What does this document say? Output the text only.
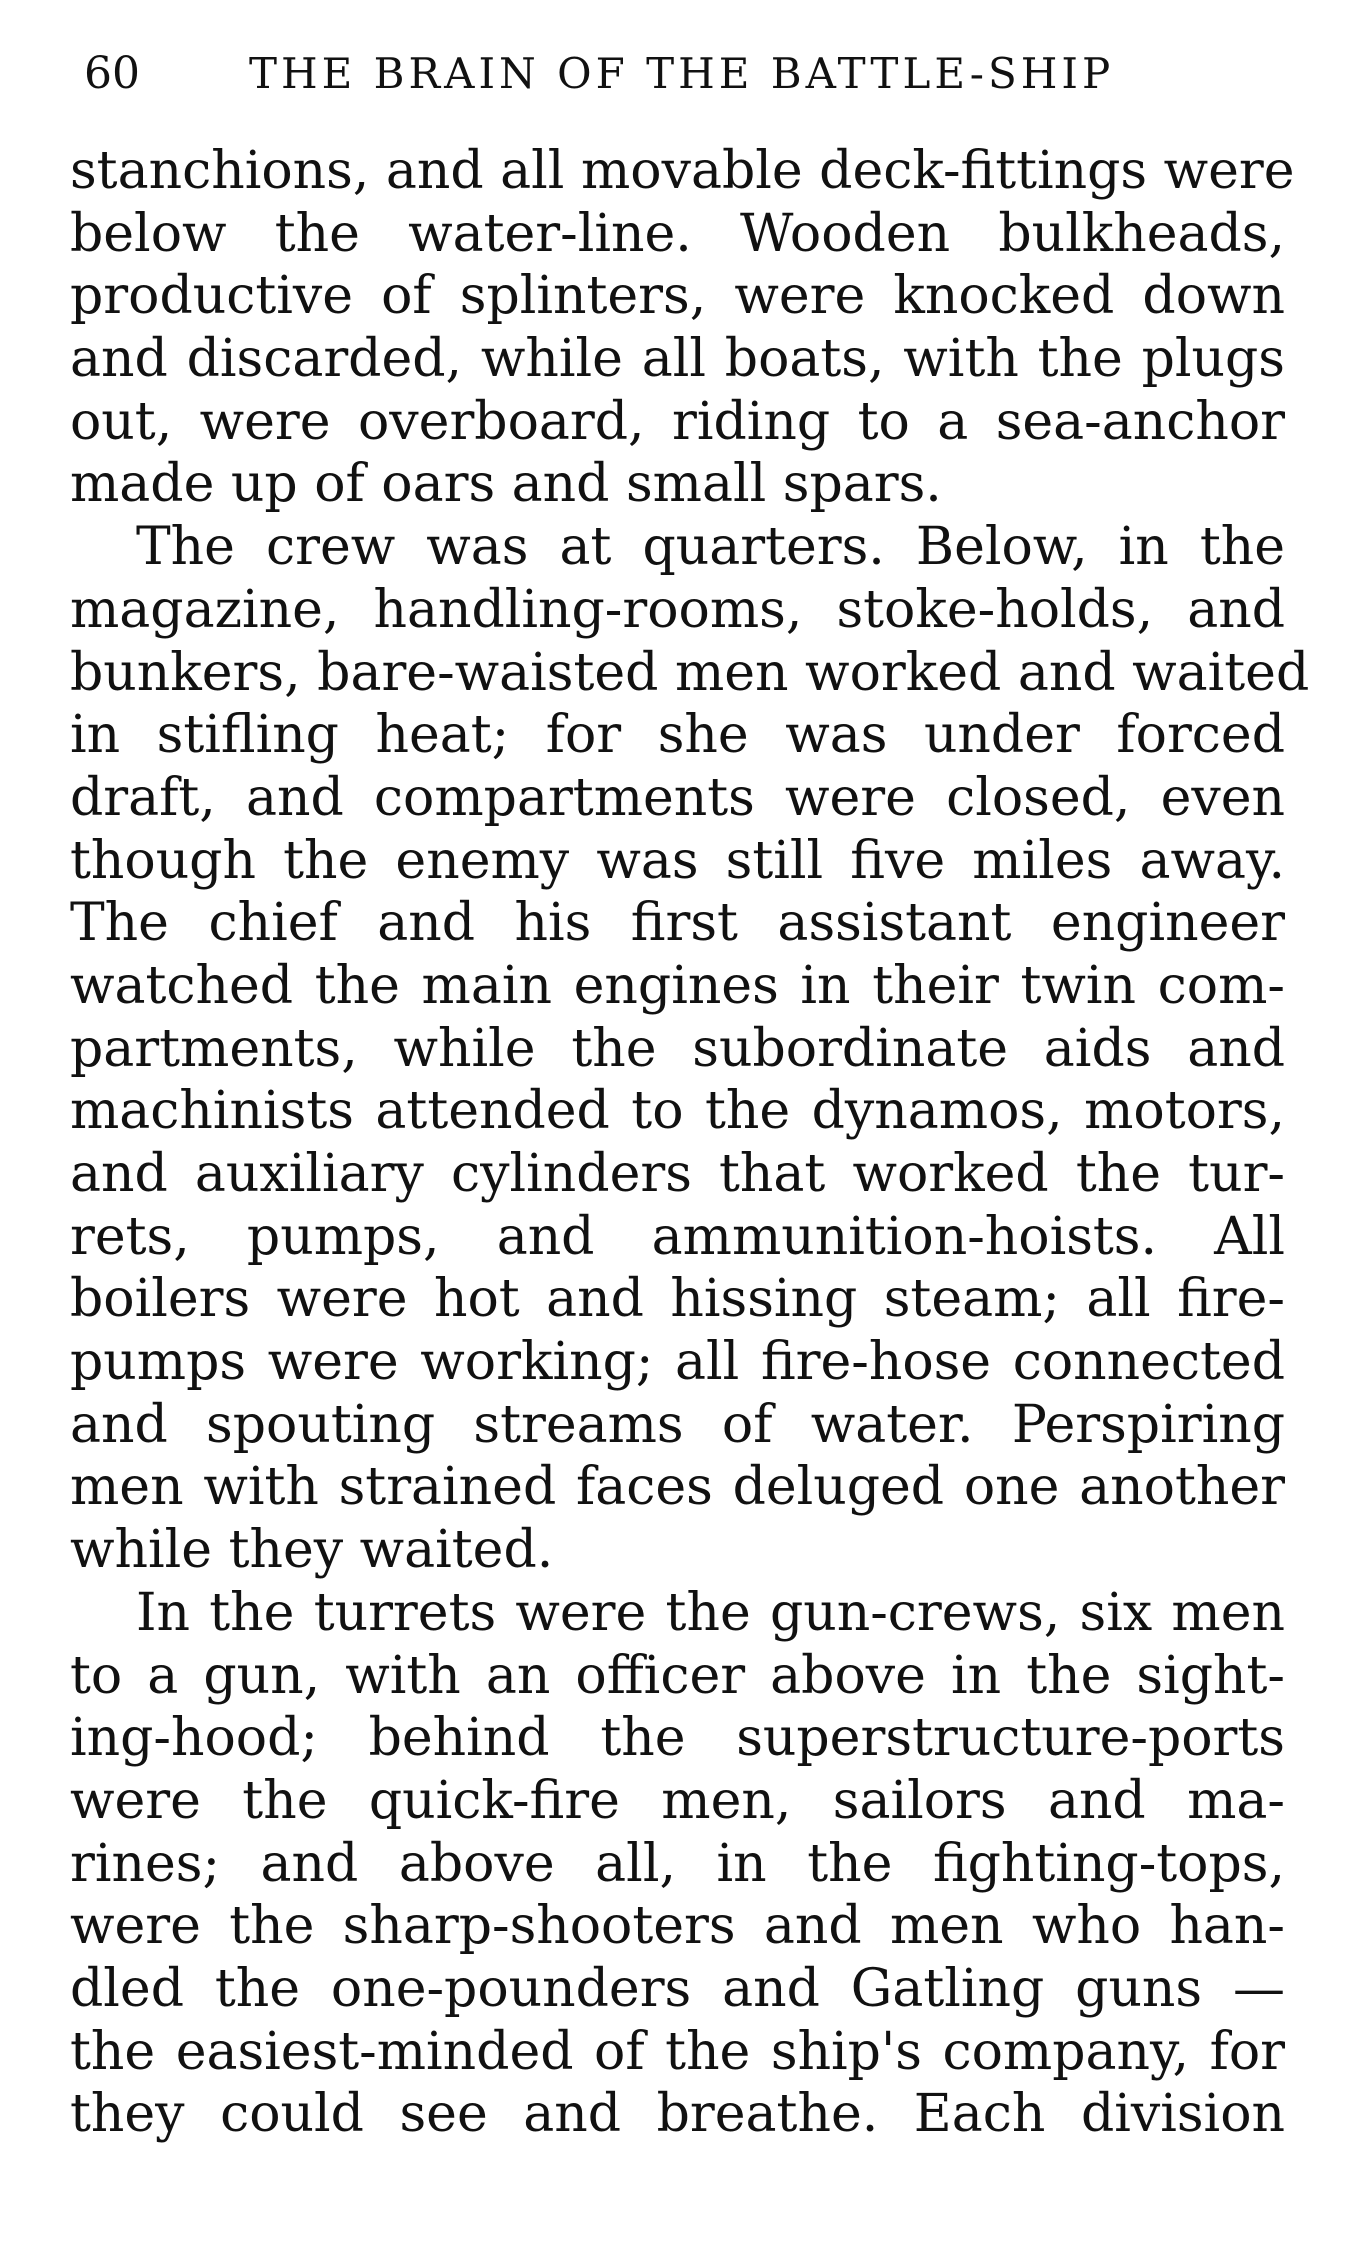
60	THE BRAIN OF THE BATTLE-SHIP
stanchions, and all movable deck-fittings were
below the water-line. Wooden bulkheads,
productive of splinters, were knocked down
and discarded, while all boats, with the plugs
out, were overboard, riding to a sea-anchor
made up of oars and small spars.
The crew was at quarters. Below, in the
magazine, handling-rooms, stoke-holds, and
bunkers, bare-waisted men worked and waited
in stifling heat; for she was under forced
draft, and compartments were closed, even
though the enemy was still five miles away.
The chief and his first assistant engineer
watched the main engines in their twin com-
partments, while the subordinate aids and
machinists attended to the dynamos, motors,
and auxiliary cylinders that worked the tur-
rets, pumps, and ammunition-hoists. All
boilers were hot and hissing steam; all fire-
pumps were working; all fire-hose connected
and spouting streams of water. Perspiring
men with strained faces deluged one another
while they waited.
In the turrets were the gun-crews, six men
to a gun, with an officer above in the sight-
ing-hood; behind the superstructure-ports
were the quick-fire men, sailors and ma-
rines; and above all, in the fighting-tops,
were the sharp-shooters and men who han-
dled the one-pounders and Gatling guns —
the easiest-minded of the ship's company, for
they could see and breathe. Each division
